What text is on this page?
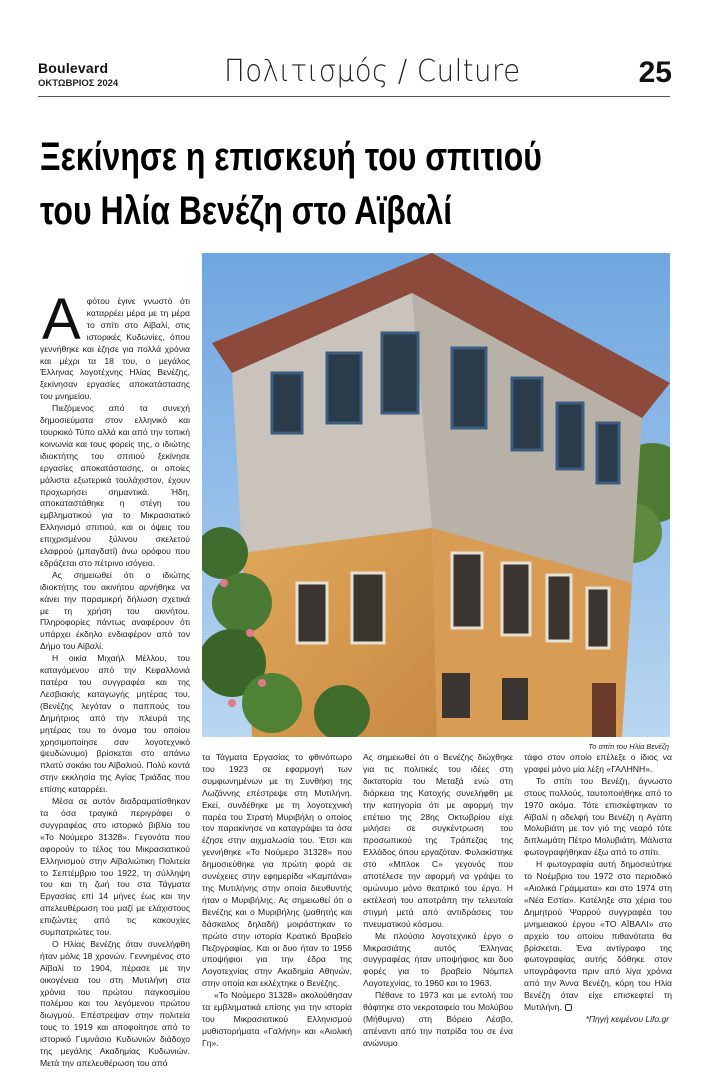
Boulevard
ΟΚΤΩΒΡΙΟΣ 2024	Πολιτισμός / Culture	25
Ξεκίνησε η επισκευή του σπιτιού
του Ηλία Βενέζη στο Αϊβαλί
Το σπίτι του Ηλία Βενέζη
Α φότου έγινε γνωστό ότι καταρρέει μέρα με τη μέρα το σπίτι στο Αϊβαλί, στις ιστορικές Κυδωνίες, όπου γεννήθηκε και έζησε για πολλά χρόνια και μέχρι τα 18 του, ο μεγάλος Έλληνας λογοτέχνης Ηλίας Βενέζης, ξεκίνησαν εργασίες αποκατάστασης του μνημείου.

Πιεζόμενος από τα συνεχή δημοσιεύματα στον ελληνικό και τουρκικό Τύπο αλλά και από την τοπική κοινωνία και τους φορείς της, ο ιδιώτης ιδιοκτήτης του σπιτιού ξεκίνησε εργασίες αποκατάστασης, οι οποίες μάλιστα εξωτερικά τουλάχιστον, έχουν προχωρήσει σημαντικά. Ήδη, αποκαταστάθηκε η στέγη του εμβληματικού για το Μικρασιατικό Ελληνισμό σπιτιού, και οι όψεις του επιχρισμένου ξύλινου σκελετού ελαφρού (μπαγδατί) άνω ορόφου που εδράζεται στο πέτρινο ισόγειο.

Ας σημειωθεί ότι ο ιδιώτης ιδιοκτήτης του ακινήτου αρνήθηκε να κάνει την παραμικρή δήλωση σχετικά με τη χρήση του ακινήτου. Πληροφορίες πάντως αναφέρουν ότι υπάρχει έκδηλο ενδιαφέρον από τον Δήμο του Αϊβαλί.

Η οικία Μιχαήλ Μέλλου, του καταγόμενου από την Κεφαλλονιά πατέρα του συγγραφέα και της Λεσβιακής καταγωγής μητέρας του, (Βενέζης λεγόταν ο παππούς του Δημήτριος από την πλευρά της μητέρας του το όνομα του οποίου χρησιμοποίησε σαν λογοτεχνικό ψευδώνυμο) βρίσκεται στο απάνω πλατύ σοκάκι του Αϊβαλιού. Πολύ κοντά στην εκκλησία της Αγίας Τριάδας που επίσης καταρρέει.

Μέσα σε αυτόν διαδραματίσθηκαν τα όσα τραγικά περιγράφει ο συγγραφέας στο ιστορικό βιβλίο του «Το Νούμερο 31328». Γεγονότα που αφορούν το τέλος του Μικρασιατικού Ελληνισμού στην Αϊβαλιώτικη Πολιτεία το Σεπτέμβριο του 1922, τη σύλληψη του και τη ζωή του στα Τάγματα Εργασίας επί 14 μήνες έως και την απελευθέρωση του μαζί με ελάχιστους επιζώντες από τις κακουχίες συμπατριώτες του.

Ο Ηλίας Βενέζης όταν συνελήφθη ήταν μόλις 18 χρονών. Γεννημένος στο Αϊβαλί το 1904, πέρασε με την οικογένεια του στη Μυτιλήνη στα χρόνια του πρώτου παγκοσμίου πολέμου και του λεγόμενου πρώτου διωγμού. Επέστρεψαν στην πολιτεία τους το 1919 και αποφοίτησε από το ιστορικό Γυμνάσιο Κυδωνιών διάδοχο της μεγάλης Ακαδημίας Κυδωνιών. Μετά την απελευθέρωση του από

τα Τάγματα Εργασίας το φθινόπωρο του 1923 σε εφαρμογή των συμφωνημένων με τη Συνθήκη της Λωζάννης επέστρεψε στη Μυτιλήνη. Εκεί, συνδέθηκε με τη λογοτεχνική παρέα του Στρατή Μυριβήλη ο οποίος τον παρακίνησε να καταγράψει τα όσα έζησε στην αιχμαλωσία του. Έτσι και γεννήθηκε «Το Νούμερο 31328» που δημοσιεύθηκε για πρώτη φορά σε συνέχειες στην εφημερίδα «Καμπάνα» της Μυτιλήνης στην οποία διευθυντής ήταν ο Μυριβήλης. Ας σημειωθεί ότι ο Βενέζης και ο Μυριβήλης (μαθητής και δάσκαλος δηλαδή) μοιράστηκαν το πρώτο στην ιστορία Κρατικό Βραβείο Πεζογραφίας. Και οι δυο ήταν το 1956 υποψήφιοι για την έδρα της Λογοτεχνίας στην Ακαδημία Αθηνών, στην οποία και εκλέχτηκε ο Βενέζης.

«Το Νούμερο 31328» ακολούθησαν τα εμβληματικά επίσης για την ιστορία του Μικρασιατικού Ελληνισμού μυθιστορήματα «Γαλήνη» και «Αιολική Γη».

Ας σημειωθεί ότι ο Βενέζης διώχθηκε για τις πολιτικές του ιδέες στη δικτατορία του Μεταξά ενώ στη διάρκεια της Κατοχής συνελήφθη με την κατηγορία ότι με αφορμή την επέτειο της 28ης Οκτωβρίου είχε μιλήσει σε συγκέντρωση του προσωπικού της Τράπεζας της Ελλάδος όπου εργαζόταν. Φυλακίστηκε στο «Μπλοκ C» γεγονός που αποτέλεσε την αφορμή να γράψει το ομώνυμο μόνο θεατρικό του έργο. Η εκτέλεσή του αποτράπη την τελευταία στιγμή μετά από αντιδράσεις του πνευματικού κόσμου.

Με πλούσιο λογοτεχνικό έργο ο Μικρασιάτης αυτός Έλληνας συγγραφέας ήταν υποψήφιος και δυο φορές για το βραβείο Νόμπελ Λογοτεχνίας, το 1960 και το 1963.

Πέθανε το 1973 και με εντολή του θάφτηκε στο νεκροταφείο του Μολύβου (Μήθυμνα) στη Βόρειο Λέσβο, απέναντι από την πατρίδα του σε ένα ανώνυμο

τάφο στον οποίο επέλεξε ο ίδιος να γραφεί μόνο μία λέξη «ΓΑΛΗΝΗ».

Το σπίτι του Βενέζη, άγνωστο στους πολλούς, ταυτοποιήθηκε από το 1970 ακόμα. Τότε επισκέφτηκαν το Αϊβαλί η αδελφή του Βενέζη η Αγάπη Μολυβιάτη με τον γιό της νεαρό τότε διπλωμάτη Πέτρο Μολυβιάτη. Μάλιστα φωτογραφήθηκαν έξω από το σπίτι.

Η φωτογραφία αυτή δημοσιεύτηκε το Νοέμβριο του 1972 στο περιοδικό «Αιολικά Γράμματα» και στο 1974 στη «Νέα Εστία». Κατέληξε στα χέρια του Δημητρού Ψαρρού συγγραφέα του μνημειακού έργου «ΤΟ ΑΪΒΑΛΙ» στο αρχείο του οποίου πιθανότατα θα βρίσκεται. Ένα αντίγραφο της φωτογραφίας αυτής δόθηκε στον υπογράφοντα πριν από λίγα χρόνια από την Άννα Βενέζη, κόρη του Ηλία Βενέζη όταν είχε επισκεφτεί τη Μυτιλήνη.

*Πηγή κειμένου Lifo.gr
